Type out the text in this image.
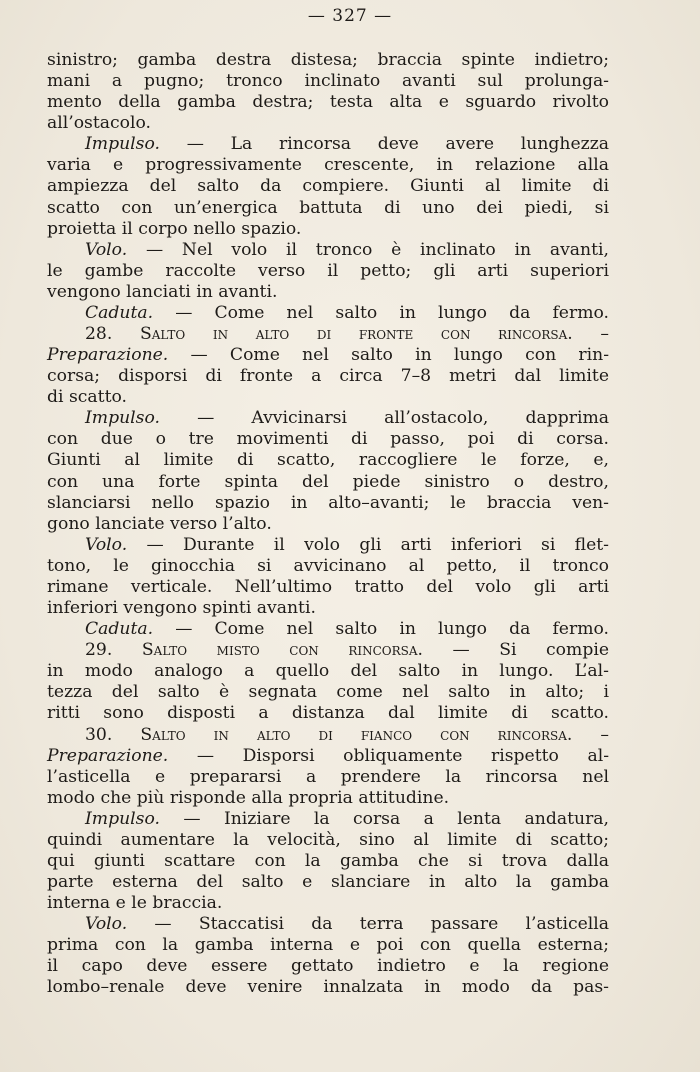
— 327 —
sinistro; gamba destra distesa; braccia spinte indietro;
mani a pugno; tronco inclinato avanti sul prolunga-
mento della gamba destra; testa alta e sguardo rivolto
all’ostacolo.
Impulso. — La rincorsa deve avere lunghezza
varia e progressivamente crescente, in relazione alla
ampiezza del salto da compiere. Giunti al limite di
scatto con un’energica battuta di uno dei piedi, si
proietta il corpo nello spazio.
Volo. — Nel volo il tronco è inclinato in avanti,
le gambe raccolte verso il petto; gli arti superiori
vengono lanciati in avanti.
Caduta. — Come nel salto in lungo da fermo.
28. Salto in alto di fronte con rincorsa. –
Preparazione. — Come nel salto in lungo con rin-
corsa; disporsi di fronte a circa 7–8 metri dal limite
di scatto.
Impulso. — Avvicinarsi all’ostacolo, dapprima
con due o tre movimenti di passo, poi di corsa.
Giunti al limite di scatto, raccogliere le forze, e,
con una forte spinta del piede sinistro o destro,
slanciarsi nello spazio in alto–avanti; le braccia ven-
gono lanciate verso l’alto.
Volo. — Durante il volo gli arti inferiori si flet-
tono, le ginocchia si avvicinano al petto, il tronco
rimane verticale. Nell’ultimo tratto del volo gli arti
inferiori vengono spinti avanti.
Caduta. — Come nel salto in lungo da fermo.
29. Salto misto con rincorsa. — Si compie
in modo analogo a quello del salto in lungo. L’al-
tezza del salto è segnata come nel salto in alto; i
ritti sono disposti a distanza dal limite di scatto.
30. Salto in alto di fianco con rincorsa. –
Preparazione. — Disporsi obliquamente rispetto al-
l’asticella e prepararsi a prendere la rincorsa nel
modo che più risponde alla propria attitudine.
Impulso. — Iniziare la corsa a lenta andatura,
quindi aumentare la velocità, sino al limite di scatto;
qui giunti scattare con la gamba che si trova dalla
parte esterna del salto e slanciare in alto la gamba
interna e le braccia.
Volo. — Staccatisi da terra passare l’asticella
prima con la gamba interna e poi con quella esterna;
il capo deve essere gettato indietro e la regione
lombo–renale deve venire innalzata in modo da pas-
